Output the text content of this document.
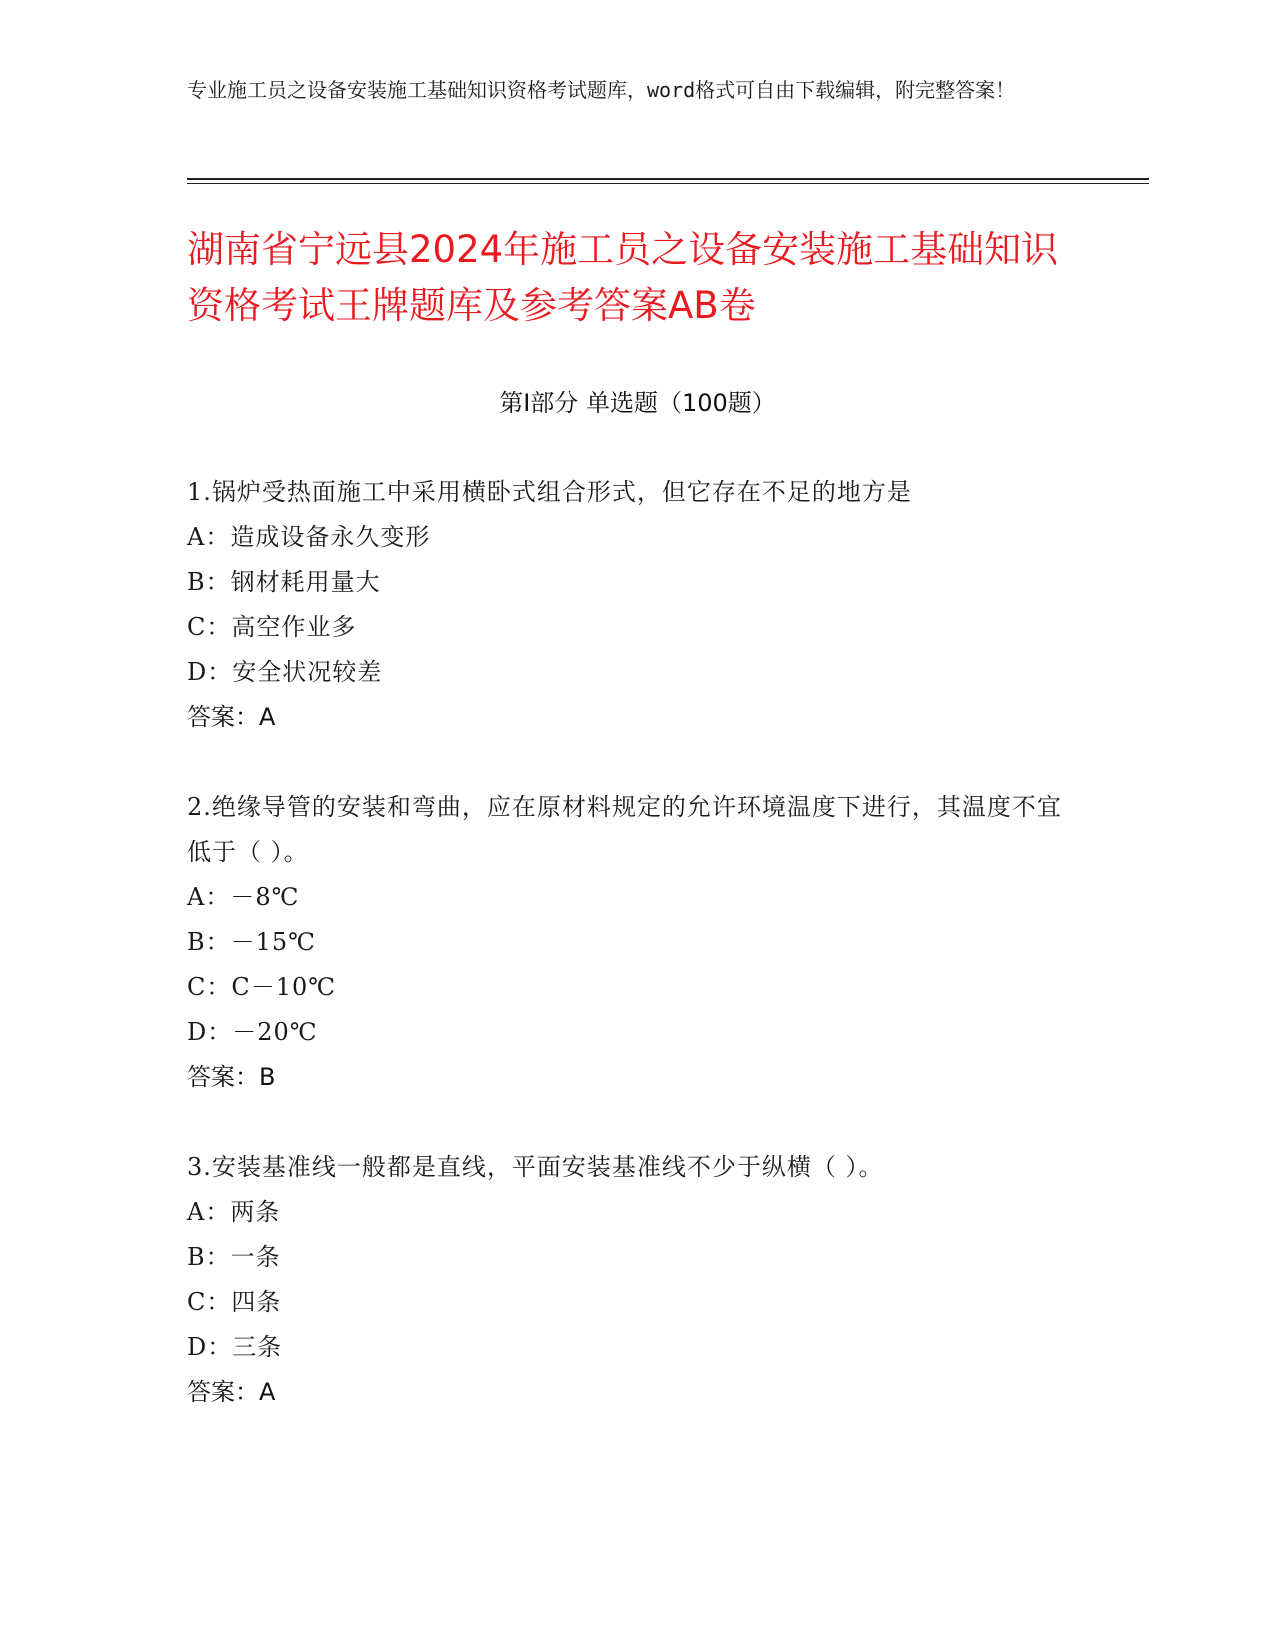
专业施工员之设备安装施工基础知识资格考试题库，word格式可自由下载编辑，附完整答案！
湖南省宁远县2024年施工员之设备安装施工基础知识资格考试王牌题库及参考答案AB卷
第Ⅰ部分 单选题（100题）
1.锅炉受热面施工中采用横卧式组合形式，但它存在不足的地方是
A：造成设备永久变形
B：钢材耗用量大
C：高空作业多
D：安全状况较差
答案：A
2.绝缘导管的安装和弯曲，应在原材料规定的允许环境温度下进行，其温度不宜低于（ ）。
A：－8℃
B：－15℃
C：C－10℃
D：－20℃
答案：B
3.安装基准线一般都是直线，平面安装基准线不少于纵横（ ）。
A：两条
B：一条
C：四条
D：三条
答案：A
